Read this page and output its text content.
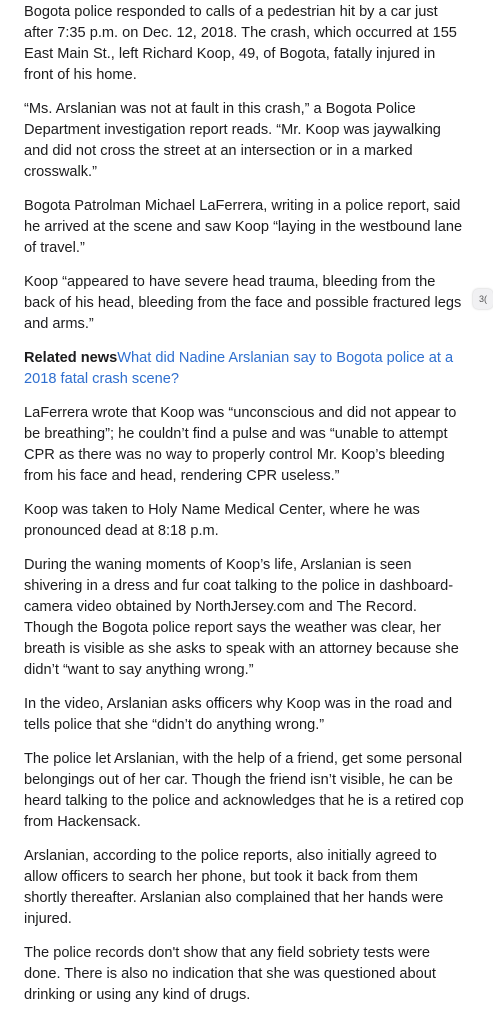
Bogota police responded to calls of a pedestrian hit by a car just after 7:35 p.m. on Dec. 12, 2018. The crash, which occurred at 155 East Main St., left Richard Koop, 49, of Bogota, fatally injured in front of his home.

“Ms. Arslanian was not at fault in this crash,” a Bogota Police Department investigation report reads. “Mr. Koop was jaywalking and did not cross the street at an intersection or in a marked crosswalk.”

Bogota Patrolman Michael LaFerrera, writing in a police report, said he arrived at the scene and saw Koop “laying in the westbound lane of travel.”

Koop “appeared to have severe head trauma, bleeding from the back of his head, bleeding from the face and possible fractured legs and arms.”

Related newsWhat did Nadine Arslanian say to Bogota police at a 2018 fatal crash scene?

LaFerrera wrote that Koop was “unconscious and did not appear to be breathing”; he couldn’t find a pulse and was “unable to attempt CPR as there was no way to properly control Mr. Koop’s bleeding from his face and head, rendering CPR useless.”

Koop was taken to Holy Name Medical Center, where he was pronounced dead at 8:18 p.m.

During the waning moments of Koop’s life, Arslanian is seen shivering in a dress and fur coat talking to the police in dashboard-camera video obtained by NorthJersey.com and The Record. Though the Bogota police report says the weather was clear, her breath is visible as she asks to speak with an attorney because she didn’t “want to say anything wrong.”

In the video, Arslanian asks officers why Koop was in the road and tells police that she “didn’t do anything wrong.”

The police let Arslanian, with the help of a friend, get some personal belongings out of her car. Though the friend isn’t visible, he can be heard talking to the police and acknowledges that he is a retired cop from Hackensack.

Arslanian, according to the police reports, also initially agreed to allow officers to search her phone, but took it back from them shortly thereafter. Arslanian also complained that her hands were injured.

The police records don't show that any field sobriety tests were done. There is also no indication that she was questioned about drinking or using any kind of drugs.

3(
